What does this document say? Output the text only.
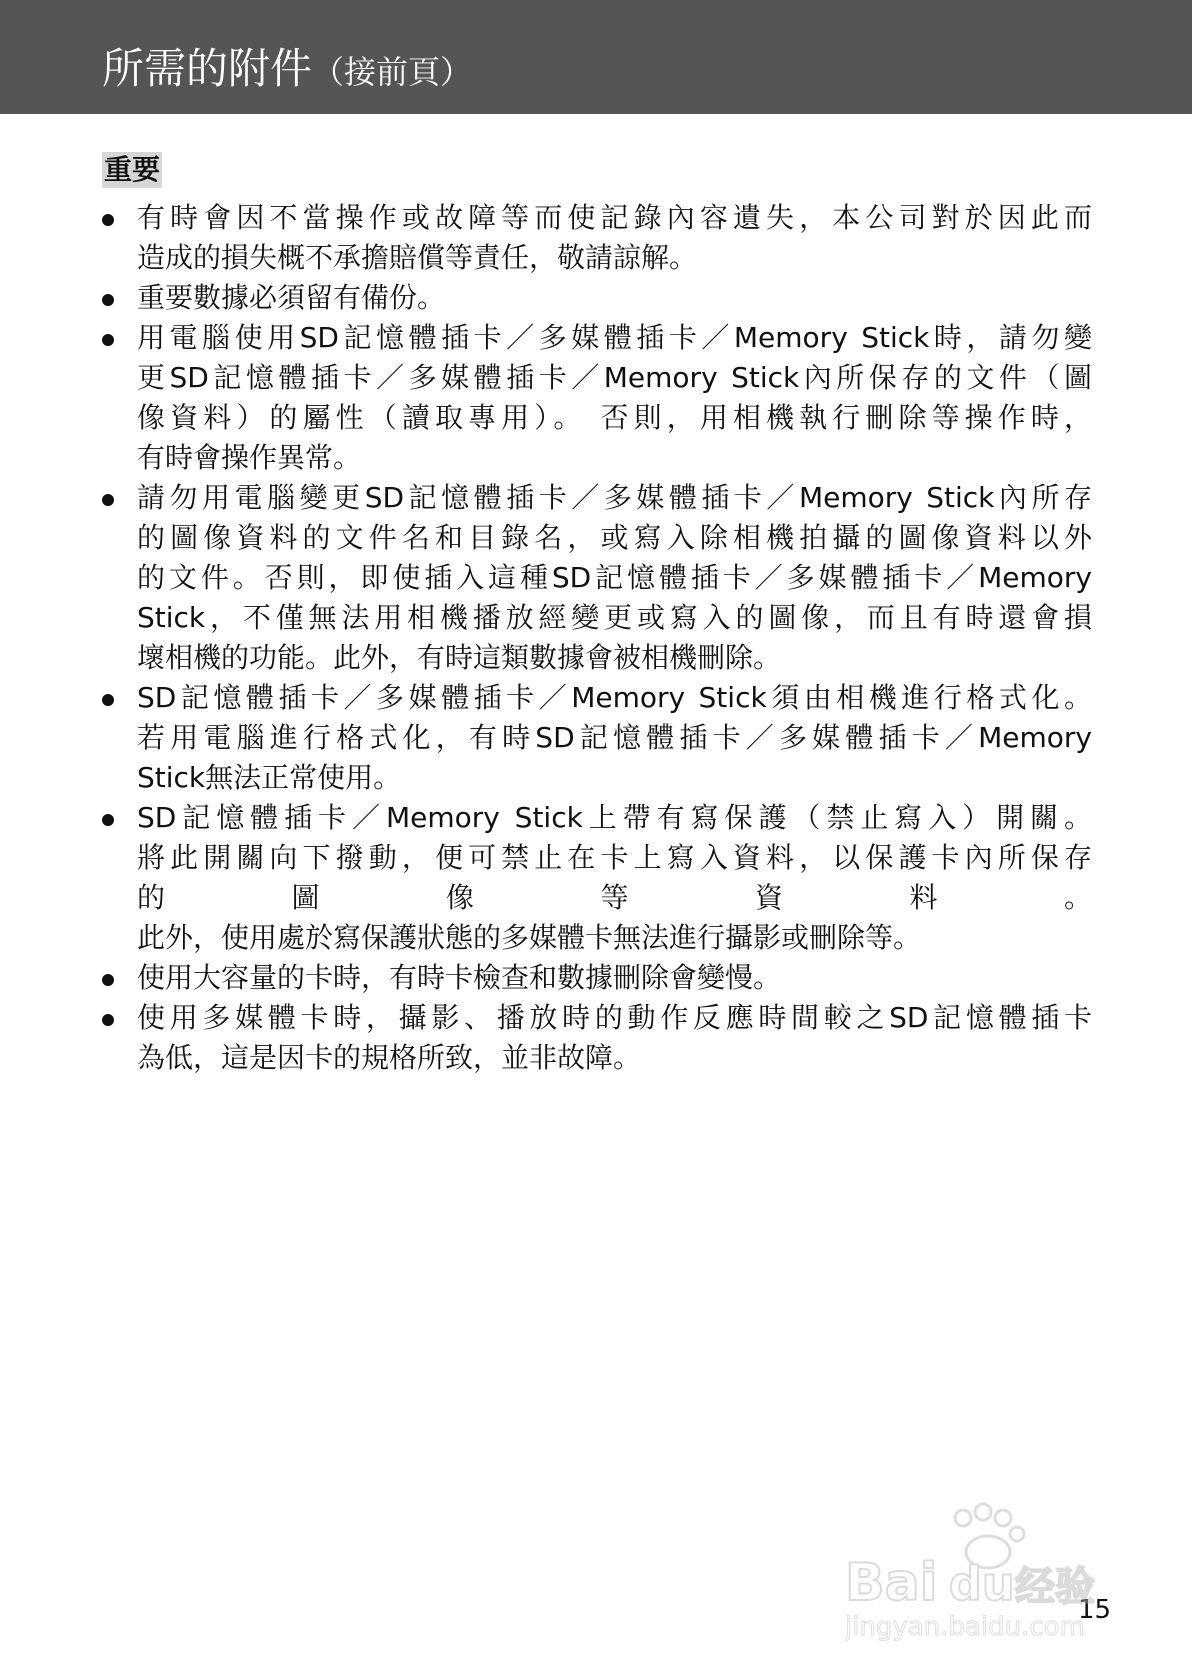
所需的附件（接前頁）
重要
有時會因不當操作或故障等而使記錄內容遺失，本公司對於因此而
造成的損失概不承擔賠償等責任，敬請諒解。
重要數據必須留有備份。
用電腦使用SD記憶體插卡／多媒體插卡／Memory Stick時，請勿變
更SD記憶體插卡／多媒體插卡／Memory Stick內所保存的文件（圖
像資料）的屬性（讀取專用）。 否則，用相機執行刪除等操作時，
有時會操作異常。
請勿用電腦變更SD記憶體插卡／多媒體插卡／Memory Stick內所存
的圖像資料的文件名和目錄名，或寫入除相機拍攝的圖像資料以外
的文件。否則，即使插入這種SD記憶體插卡／多媒體插卡／Memory
Stick，不僅無法用相機播放經變更或寫入的圖像，而且有時還會損
壞相機的功能。此外，有時這類數據會被相機刪除。
SD記憶體插卡／多媒體插卡／Memory Stick須由相機進行格式化。
若用電腦進行格式化，有時SD記憶體插卡／多媒體插卡／Memory
Stick無法正常使用。
SD記憶體插卡／Memory Stick上帶有寫保護（禁止寫入）開關。
將此開關向下撥動，便可禁止在卡上寫入資料，以保護卡內所保存
的圖像等資料。
此外，使用處於寫保護狀態的多媒體卡無法進行攝影或刪除等。
使用大容量的卡時，有時卡檢查和數據刪除會變慢。
使用多媒體卡時，攝影、播放時的動作反應時間較之SD記憶體插卡
為低，這是因卡的規格所致，並非故障。
15
Bai du 经验
jingyan.baidu.com
